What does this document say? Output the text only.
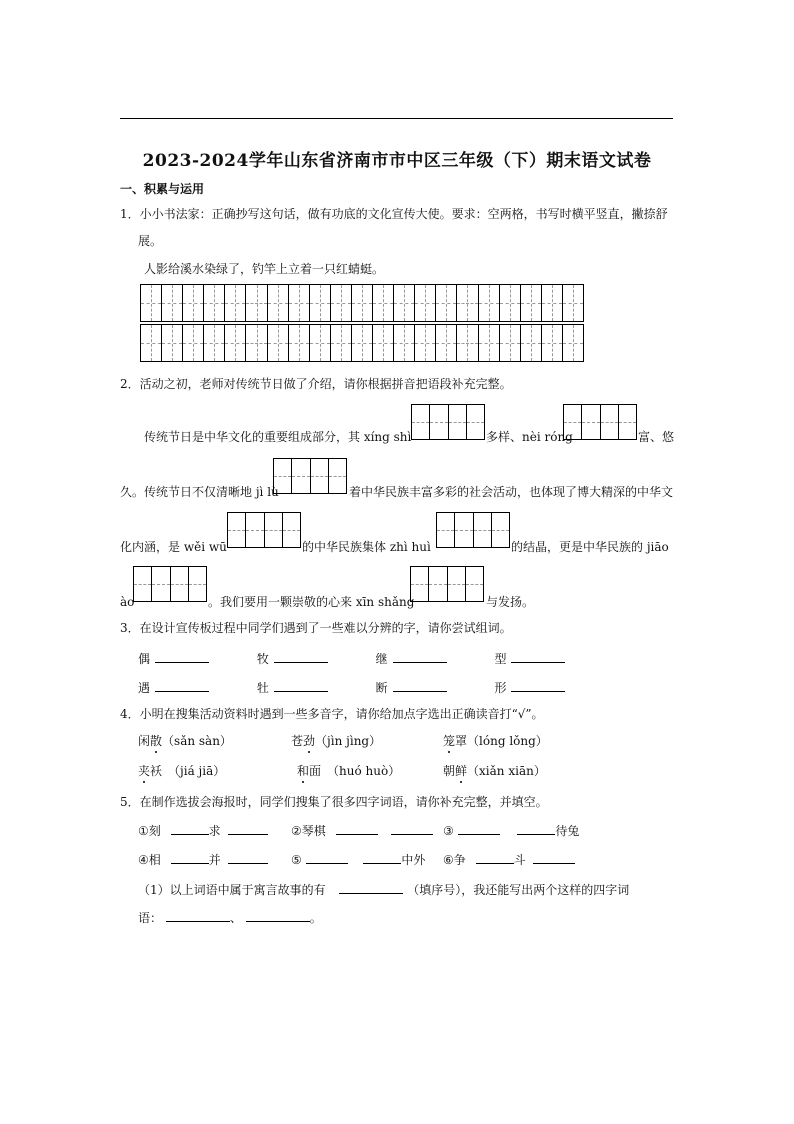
2023-2024学年山东省济南市市中区三年级（下）期末语文试卷
一、积累与运用
1．小小书法家：正确抄写这句话，做有功底的文化宣传大使。要求：空两格，书写时横平竖直，撇捺舒
展。
人影给溪水染绿了，钓竿上立着一只红蜻蜓。
2．活动之初，老师对传统节日做了介绍，请你根据拼音把语段补充完整。
传统节日是中华文化的重要组成部分，其 xíng shì	多样、nèi róng	富、悠
久。传统节日不仅清晰地 jì lù	着中华民族丰富多彩的社会活动，也体现了博大精深的中华文
化内涵，是 wěi wū	的中华民族集体 zhì huì	的结晶，更是中华民族的 jiāo
ào	。我们要用一颗崇敬的心来 xīn shǎng	与发扬。
3．在设计宣传板过程中同学们遇到了一些难以分辨的字，请你尝试组词。
偶	牧	继	型
遇	牡	断	形
4．小明在搜集活动资料时遇到一些多音字，请你给加点字选出正确读音打“√”。
闲散（sǎn sàn）	苍劲（jìn jìng）	笼罩（lóng lǒng）
夹袄　（jiá jiā）	和面　（huó huò）	朝鲜（xiǎn xiān）
5．在制作选拔会海报时，同学们搜集了很多四字词语，请你补充完整，并填空。
①刻	求	②琴棋	③	待兔
④相	并	⑤	中外 ⑥争	斗
（1）以上词语中属于寓言故事的有	（填序号），我还能写出两个这样的四字词
语：	、	。
